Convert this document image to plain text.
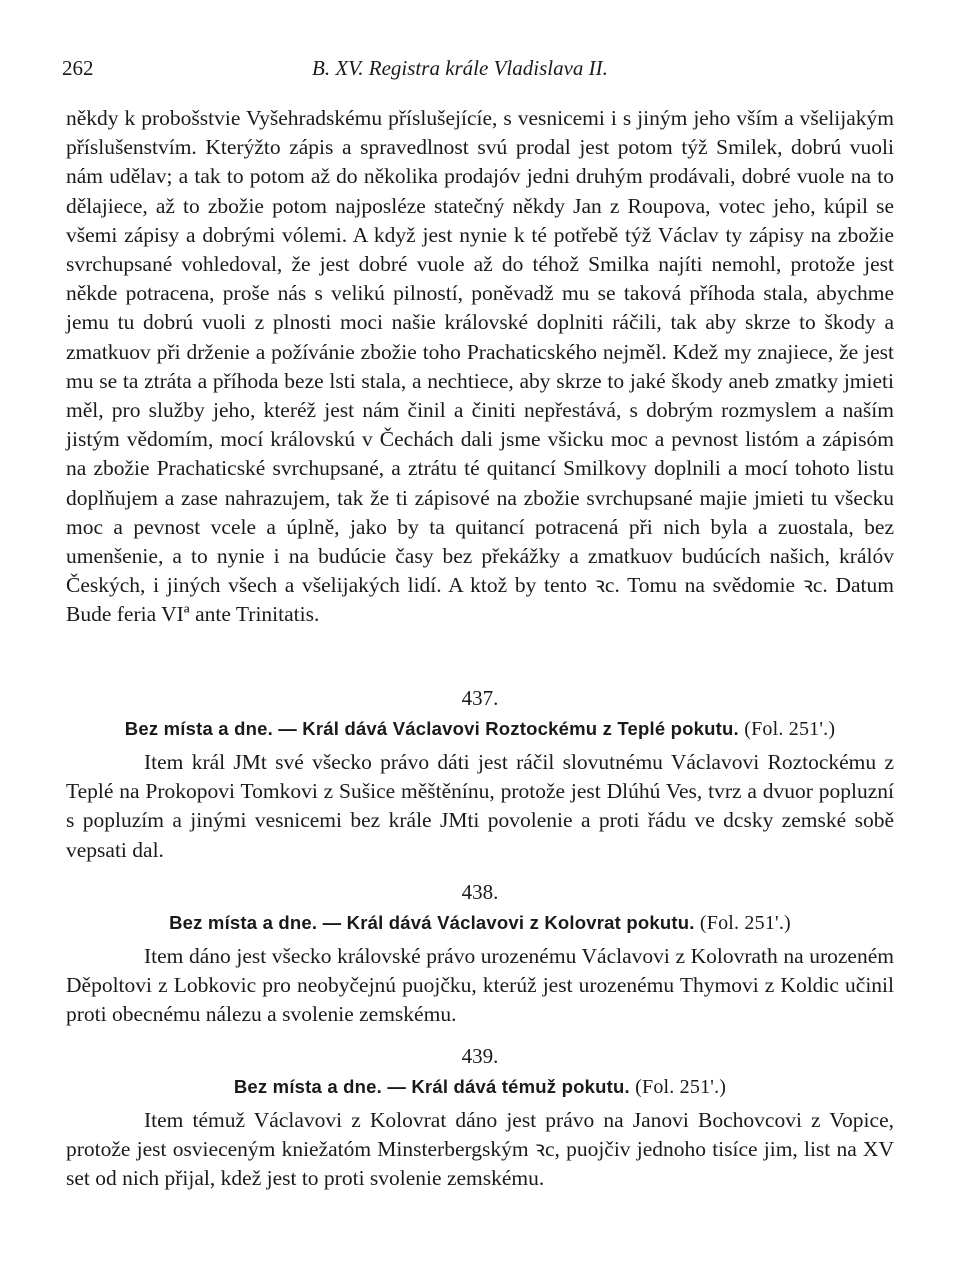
262	B. XV. Registra krále Vladislava II.

někdy k probošstvie Vyšehradskému příslušejícíe, s vesnicemi i s jiným jeho vším a všelijakým příslušenstvím. Kterýžto zápis a spravedlnost svú prodal jest potom týž Smilek, dobrú vuoli nám udělav; a tak to potom až do několika prodajóv jedni druhým prodávali, dobré vuole na to dělajiece, až to zbožie potom najposléze statečný někdy Jan z Roupova, votec jeho, kúpil se všemi zápisy a dobrými vólemi. A když jest nynie k té potřebě týž Václav ty zápisy na zbožie svrchupsané vohledoval, že jest dobré vuole až do téhož Smilka najíti nemohl, protože jest někde potracena, proše nás s velikú pilností, poněvadž mu se taková příhoda stala, abychme jemu tu dobrú vuoli z plnosti moci našie královské doplniti ráčili, tak aby skrze to škody a zmatkuov při drženie a požívánie zbožie toho Prachaticského nejměl. Kdež my znajiece, že jest mu se ta ztráta a příhoda beze lsti stala, a nechtiece, aby skrze to jaké škody aneb zmatky jmieti měl, pro služby jeho, kteréž jest nám činil a činiti nepřestává, s dobrým rozmyslem a naším jistým vědomím, mocí královskú v Čechách dali jsme všicku moc a pevnost listóm a zápisóm na zbožie Prachaticské svrchupsané, a ztrátu té quitancí Smilkovy doplnili a mocí tohoto listu doplňujem a zase nahrazujem, tak že ti zápisové na zbožie svrchupsané majie jmieti tu všecku moc a pevnost vcele a úplně, jako by ta quitancí potracená při nich byla a zuostala, bez umenšenie, a to nynie i na budúcie časy bez překážky a zmatkuov budúcích našich, králóv Českých, i jiných všech a všelijakých lidí. A ktož by tento ꝛc. Tomu na svědomie ꝛc. Datum Bude feria VIª ante Trinitatis.

437.
Bez místa a dne. — Král dává Václavovi Roztockému z Teplé pokutu. (Fol. 251'.)

Item král JMt své všecko právo dáti jest ráčil slovutnému Václavovi Roztockému z Teplé na Prokopovi Tomkovi z Sušice měštěnínu, protože jest Dlúhú Ves, tvrz a dvuor popluzní s popluzím a jinými vesnicemi bez krále JMti povolenie a proti řádu ve dcsky zemské sobě vepsati dal.

438.
Bez místa a dne. — Král dává Václavovi z Kolovrat pokutu. (Fol. 251'.)

Item dáno jest všecko královské právo urozenému Václavovi z Kolovrath na urozeném Děpoltovi z Lobkovic pro neobyčejnú puojčku, kterúž jest urozenému Thymovi z Koldic učinil proti obecnému nálezu a svolenie zemskému.

439.
Bez místa a dne. — Král dává témuž pokutu. (Fol. 251'.)

Item témuž Václavovi z Kolovrat dáno jest právo na Janovi Bochovcovi z Vopice, protože jest osvieceným kniežatóm Minsterbergským ꝛc, puojčiv jednoho tisíce jim, list na XV set od nich přijal, kdež jest to proti svolenie zemskému.
